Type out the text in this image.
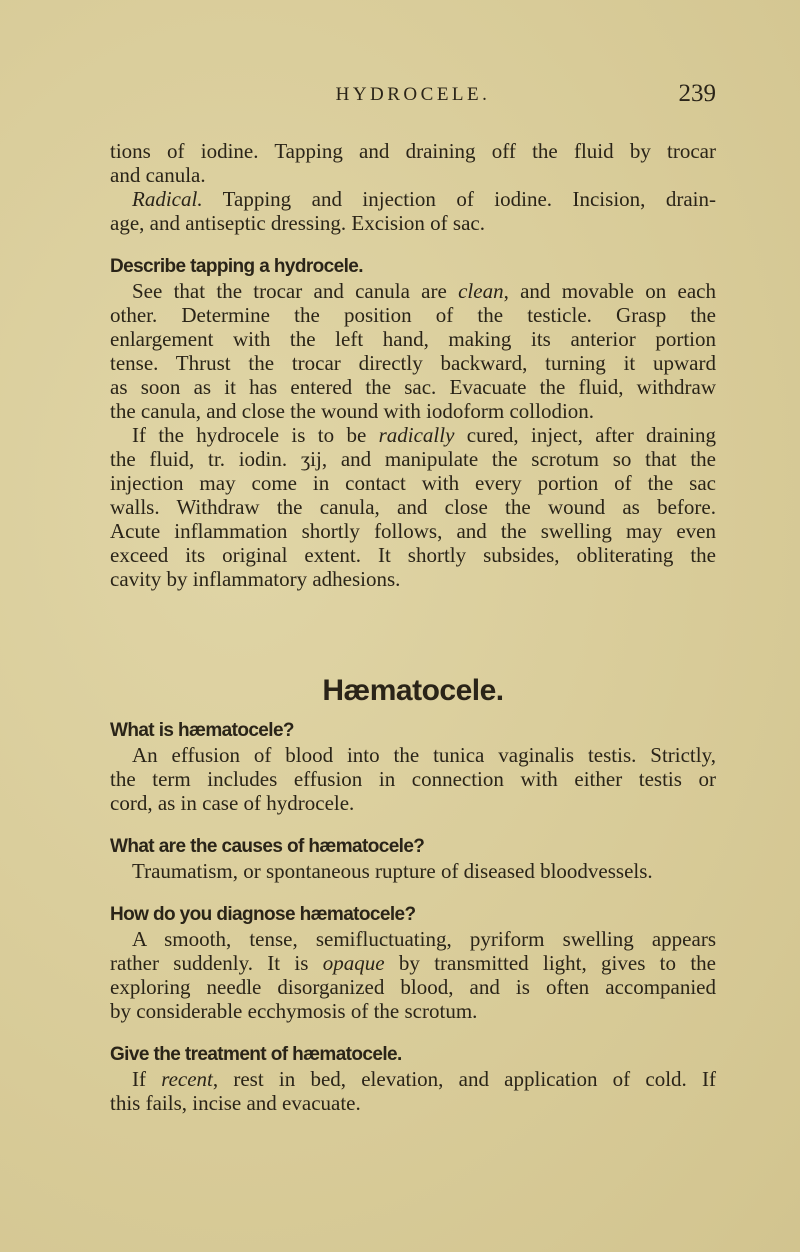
HYDROCELE.	239
tions of iodine. Tapping and draining off the fluid by trocar
and canula.
Radical. Tapping and injection of iodine. Incision, drain-
age, and antiseptic dressing. Excision of sac.
Describe tapping a hydrocele.
See that the trocar and canula are clean, and movable on each
other. Determine the position of the testicle. Grasp the
enlargement with the left hand, making its anterior portion
tense. Thrust the trocar directly backward, turning it upward
as soon as it has entered the sac. Evacuate the fluid, withdraw
the canula, and close the wound with iodoform collodion.
If the hydrocele is to be radically cured, inject, after draining
the fluid, tr. iodin. ʒij, and manipulate the scrotum so that the
injection may come in contact with every portion of the sac
walls. Withdraw the canula, and close the wound as before.
Acute inflammation shortly follows, and the swelling may even
exceed its original extent. It shortly subsides, obliterating the
cavity by inflammatory adhesions.
Hæmatocele.
What is hæmatocele?
An effusion of blood into the tunica vaginalis testis. Strictly,
the term includes effusion in connection with either testis or
cord, as in case of hydrocele.
What are the causes of hæmatocele?
Traumatism, or spontaneous rupture of diseased bloodvessels.
How do you diagnose hæmatocele?
A smooth, tense, semifluctuating, pyriform swelling appears
rather suddenly. It is opaque by transmitted light, gives to the
exploring needle disorganized blood, and is often accompanied
by considerable ecchymosis of the scrotum.
Give the treatment of hæmatocele.
If recent, rest in bed, elevation, and application of cold. If
this fails, incise and evacuate.
